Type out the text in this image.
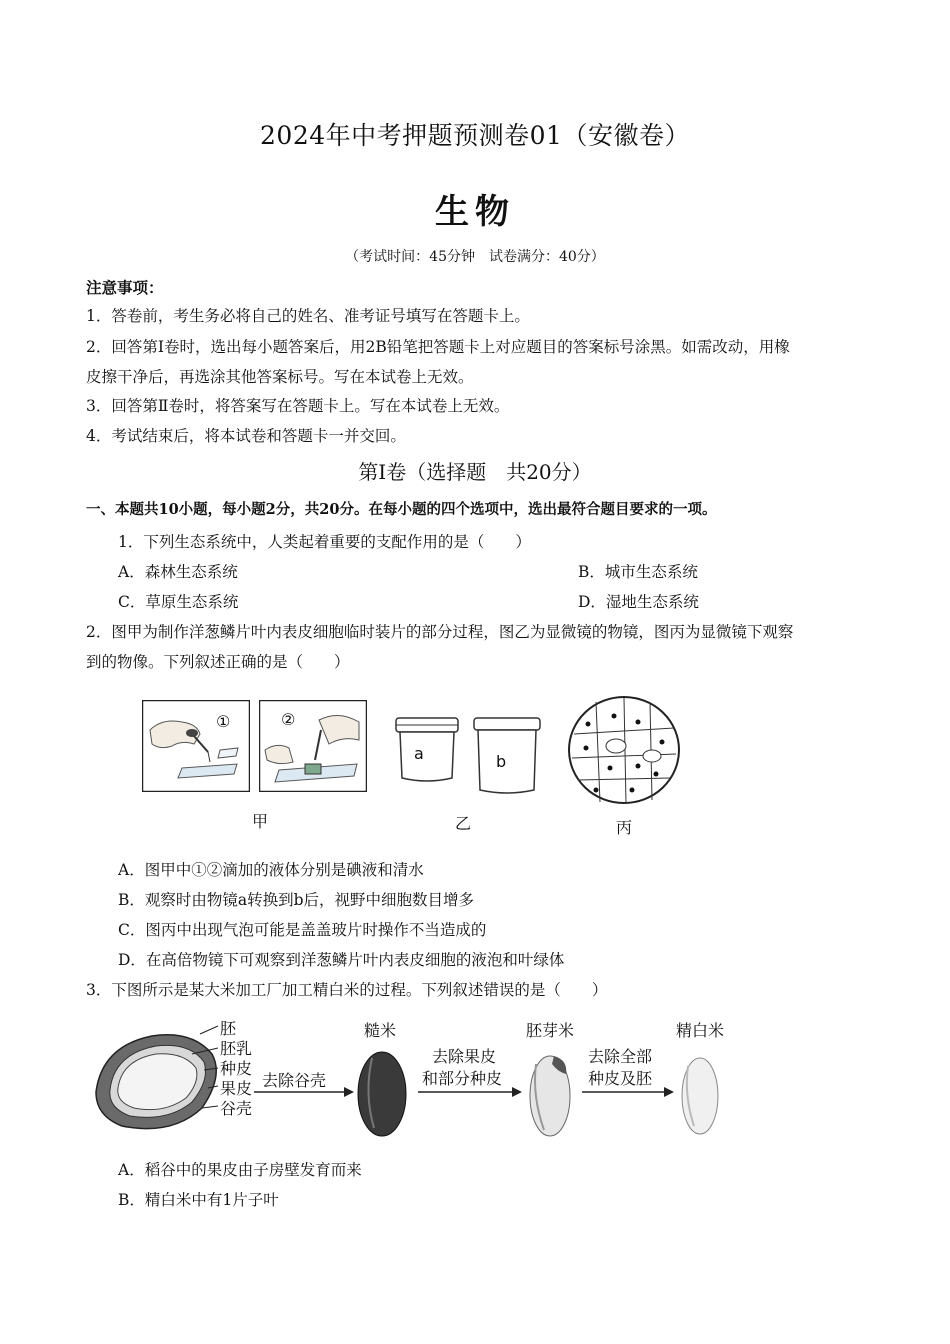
2024年中考押题预测卷01（安徽卷）
生物
（考试时间：45分钟　试卷满分：40分）
注意事项：
1．答卷前，考生务必将自己的姓名、准考证号填写在答题卡上。
2．回答第Ⅰ卷时，选出每小题答案后，用2B铅笔把答题卡上对应题目的答案标号涂黑。如需改动，用橡
皮擦干净后，再选涂其他答案标号。写在本试卷上无效。
3．回答第Ⅱ卷时，将答案写在答题卡上。写在本试卷上无效。
4．考试结束后，将本试卷和答题卡一并交回。
第Ⅰ卷（选择题　共20分）
一、本题共10小题，每小题2分，共20分。在每小题的四个选项中，选出最符合题目要求的一项。
1．下列生态系统中，人类起着重要的支配作用的是（　　）
A．森林生态系统	B．城市生态系统
C．草原生态系统	D．湿地生态系统
2．图甲为制作洋葱鳞片叶内表皮细胞临时装片的部分过程，图乙为显微镜的物镜，图丙为显微镜下观察
到的物像。下列叙述正确的是（　　）
①	②
甲
a	b
乙	丙
A．图甲中①②滴加的液体分别是碘液和清水
B．观察时由物镜a转换到b后，视野中细胞数目增多
C．图丙中出现气泡可能是盖盖玻片时操作不当造成的
D．在高倍物镜下可观察到洋葱鳞片叶内表皮细胞的液泡和叶绿体
3．下图所示是某大米加工厂加工精白米的过程。下列叙述错误的是（　　）
胚
胚乳
种皮
果皮
谷壳
去除谷壳
糙米
去除果皮
和部分种皮
胚芽米
去除全部
种皮及胚
精白米
A．稻谷中的果皮由子房壁发育而来
B．精白米中有1片子叶
